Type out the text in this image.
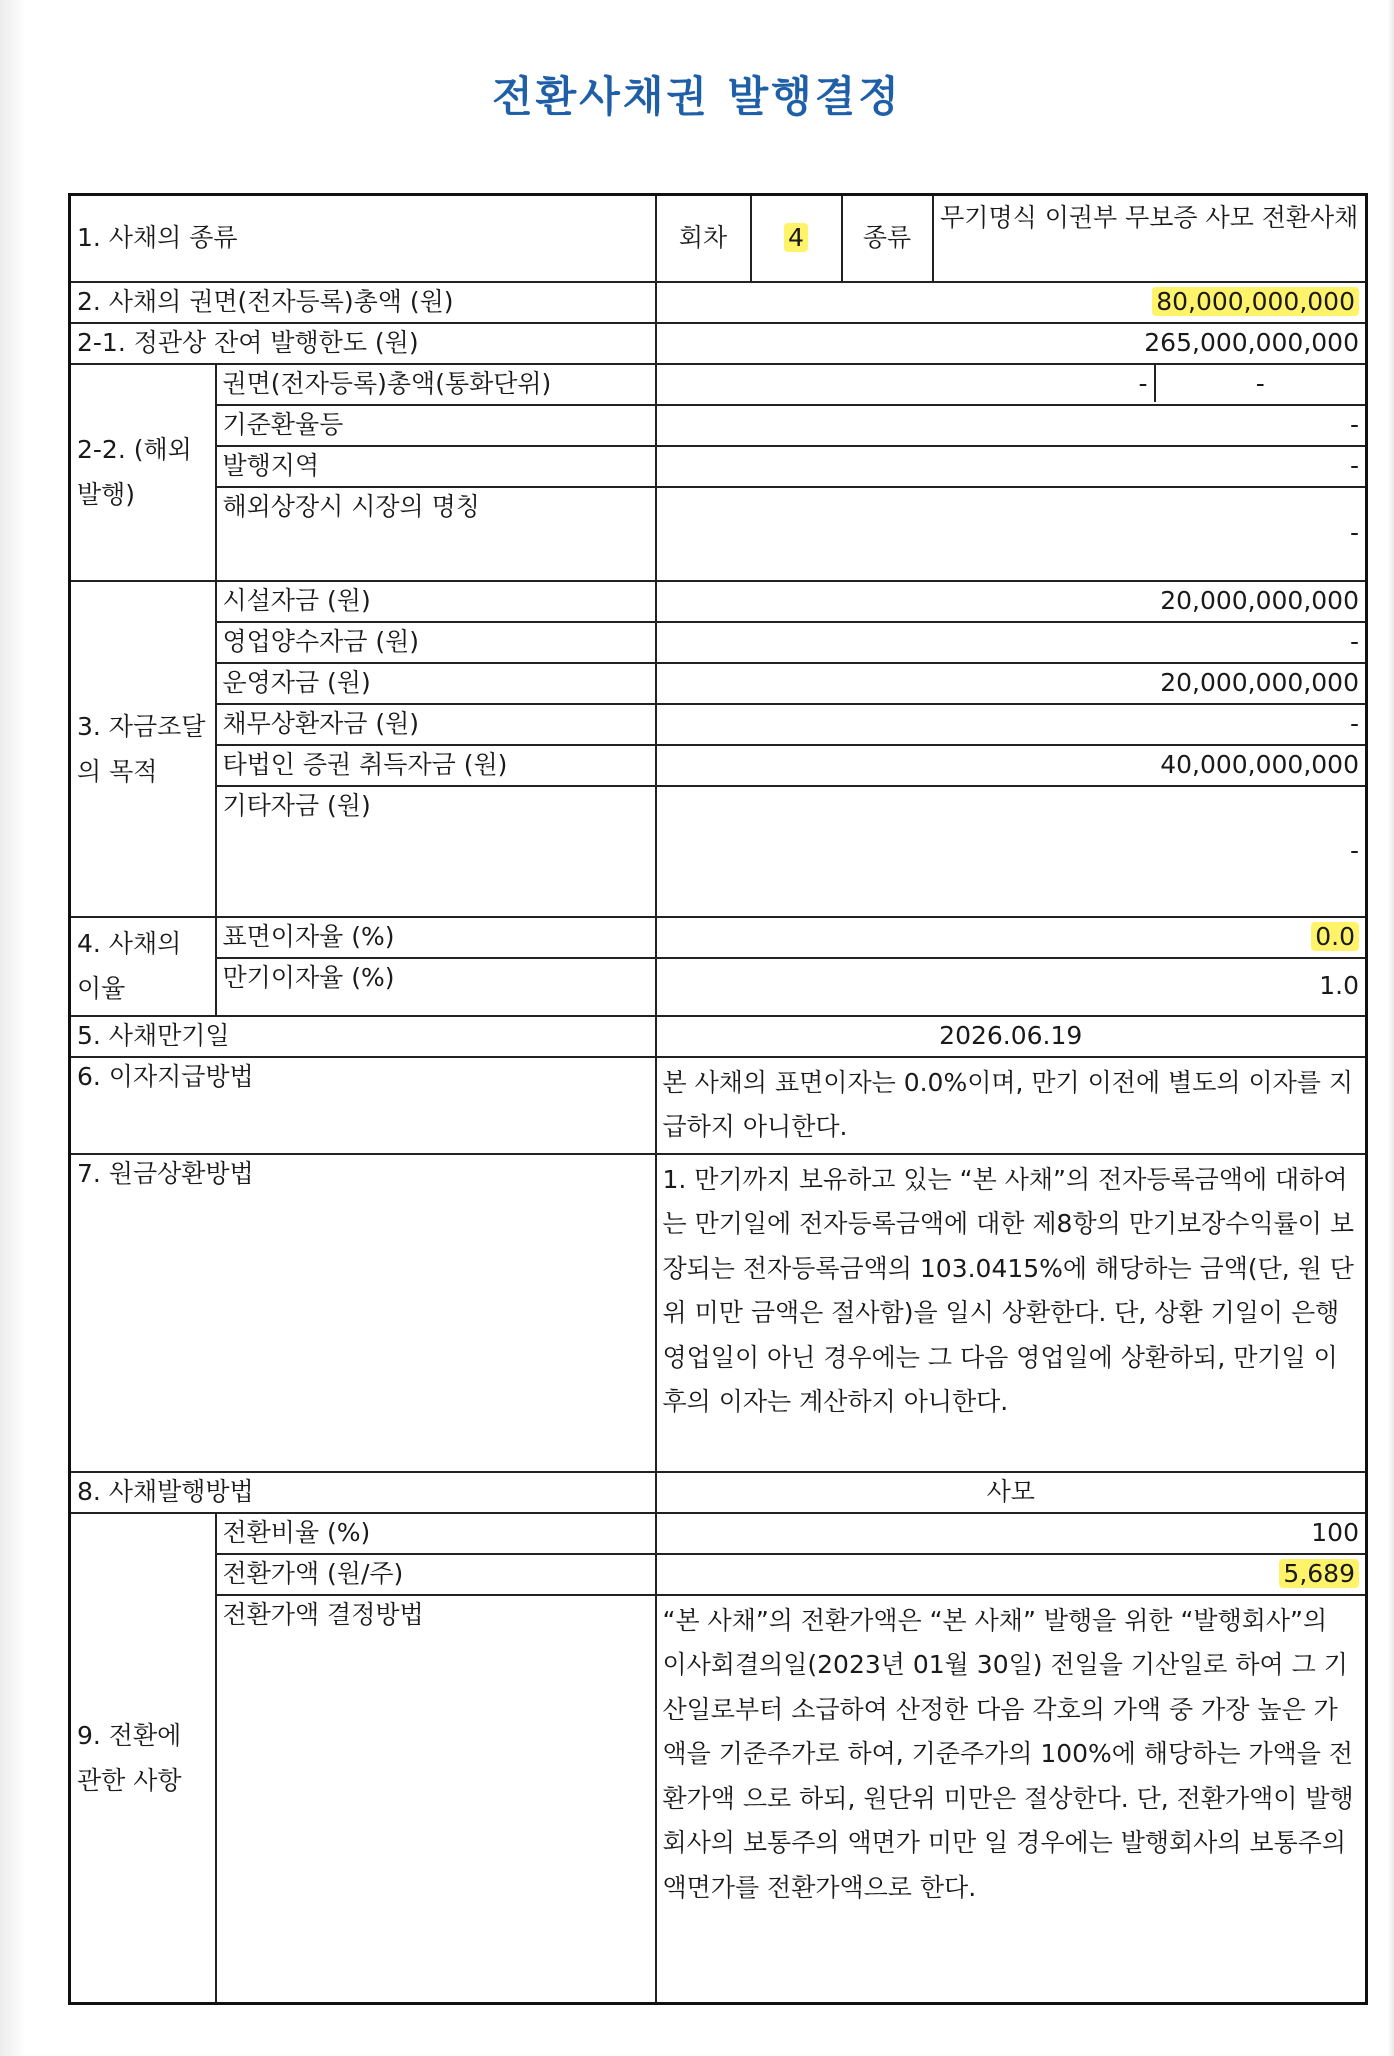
전환사채권 발행결정
1. 사채의 종류		회차	4	종류	무기명식 이권부 무보증 사모 전환사채
2. 사채의 권면(전자등록)총액 (원)		80,000,000,000			
2-1. 정관상 잔여 발행한도 (원)		265,000,000,000			
2-2. (해외발행)	권면(전자등록)총액(통화단위)	- -			

	기준환율등	-			
	발행지역	-			
	해외상장시 시장의 명칭	-			
3. 자금조달의 목적	시설자금 (원)	20,000,000,000			
	영업양수자금 (원)	-			
	운영자금 (원)	20,000,000,000			
	채무상환자금 (원)	-			
	타법인 증권 취득자금 (원)	40,000,000,000			
	기타자금 (원)	-			
4. 사채의 이율	표면이자율 (%)	0.0			
	만기이자율 (%)	1.0			
5. 사채만기일		2026.06.19			
6. 이자지급방법		본 사채의 표면이자는 0.0%이며, 만기 이전에 별도의 이자를 지급하지 아니한다.			
7. 원금상환방법		1. 만기까지 보유하고 있는 “본 사채”의 전자등록금액에 대하여는 만기일에 전자등록금액에 대한 제8항의 만기보장수익률이 보장되는 전자등록금액의 103.0415%에 해당하는 금액(단, 원 단위 미만 금액은 절사함)을 일시 상환한다. 단, 상환 기일이 은행영업일이 아닌 경우에는 그 다음 영업일에 상환하되, 만기일 이후의 이자는 계산하지 아니한다.			
8. 사채발행방법		사모			
9. 전환에 관한 사항	전환비율 (%)	100			
	전환가액 (원/주)	5,689			
	전환가액 결정방법	“본 사채”의 전환가액은 “본 사채” 발행을 위한 “발행회사”의 이사회결의일(2023년 01월 30일) 전일을 기산일로 하여 그 기산일로부터 소급하여 산정한 다음 각호의 가액 중 가장 높은 가액을 기준주가로 하여, 기준주가의 100%에 해당하는 가액을 전환가액 으로 하되, 원단위 미만은 절상한다. 단, 전환가액이 발행회사의 보통주의 액면가 미만 일 경우에는 발행회사의 보통주의 액면가를 전환가액으로 한다.			
